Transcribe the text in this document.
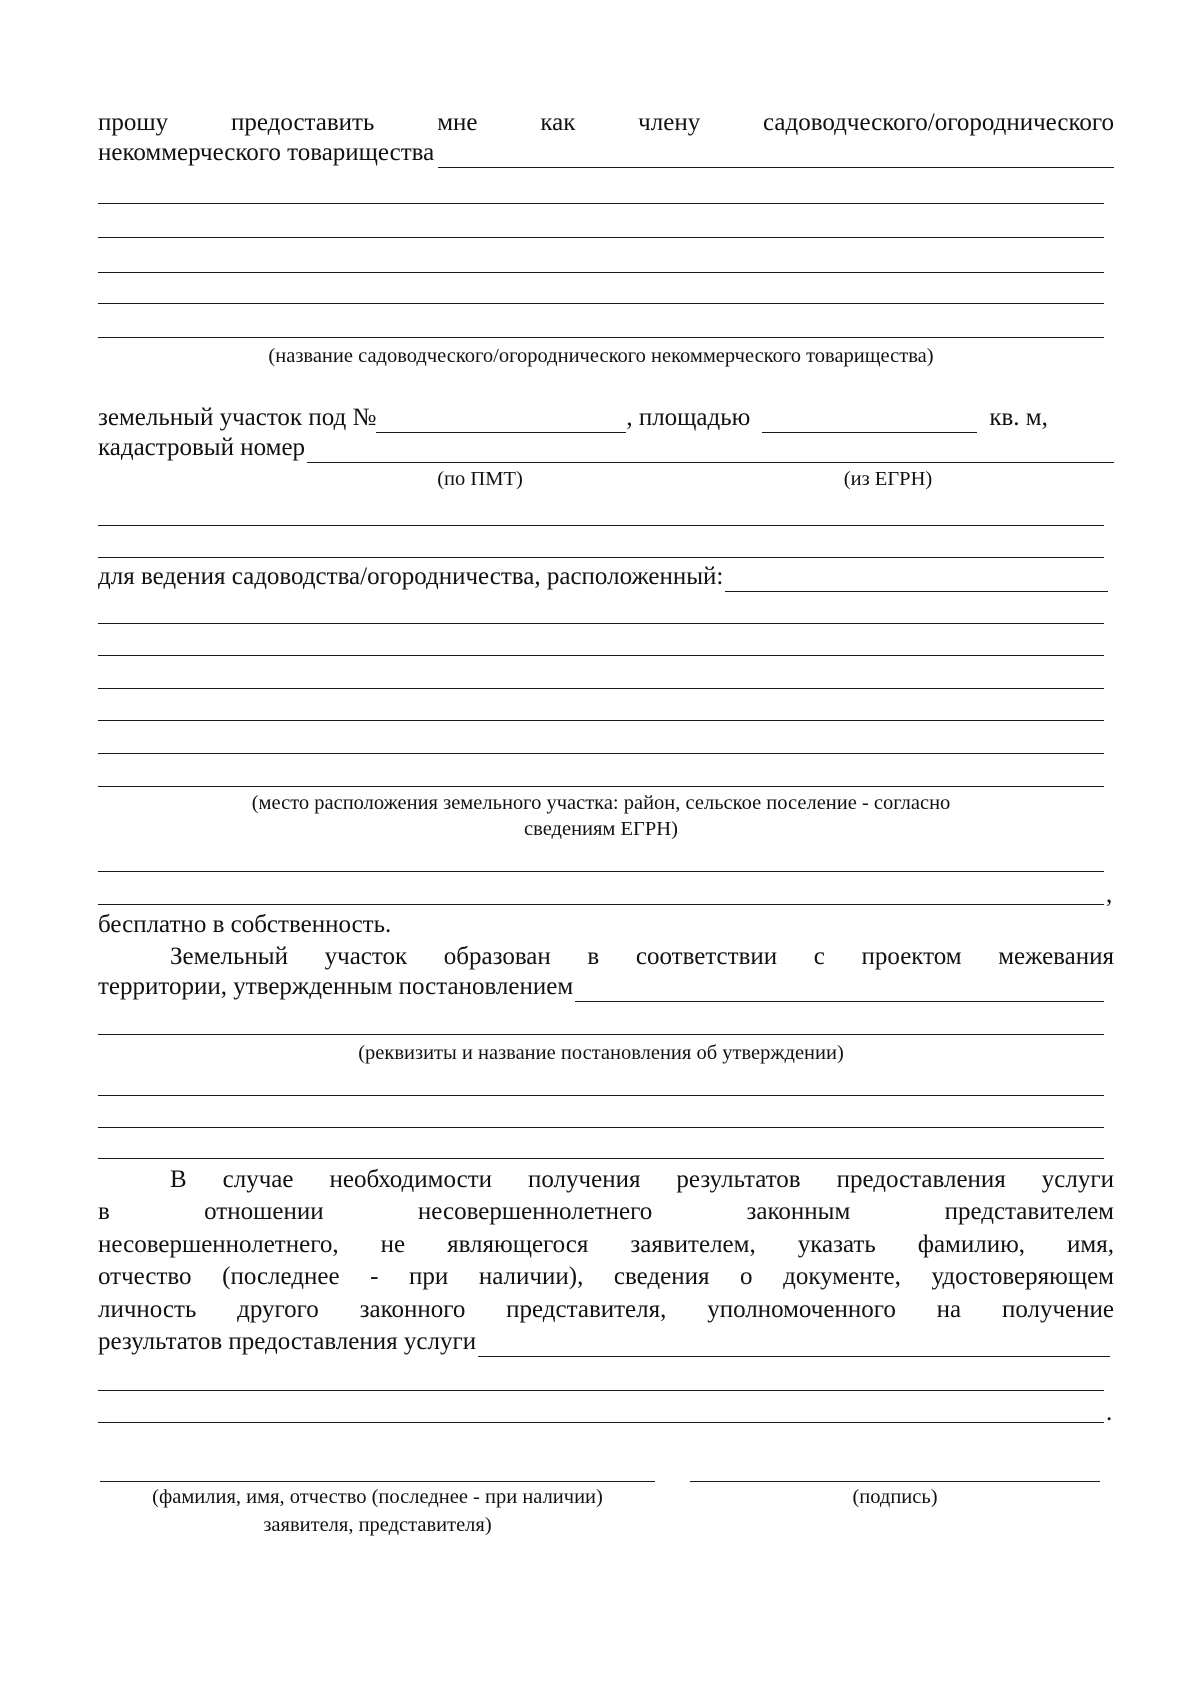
прошу предоставить мне как члену садоводческого/огороднического
некоммерческого товарищества
(название садоводческого/огороднического некоммерческого товарищества)
земельный участок под №	, площадью	кв. м,
кадастровый номер
(по ПМТ)	(из ЕГРН)
для ведения садоводства/огородничества, расположенный:
(место расположения земельного участка: район, сельское поселение - согласно
сведениям ЕГРН)
,
бесплатно в собственность.
Земельный участок образован в соответствии с проектом межевания
территории, утвержденным постановлением
(реквизиты и название постановления об утверждении)
В случае необходимости получения результатов предоставления услуги
в отношении несовершеннолетнего законным представителем
несовершеннолетнего, не являющегося заявителем, указать фамилию, имя,
отчество (последнее - при наличии), сведения о документе, удостоверяющем
личность другого законного представителя, уполномоченного на получение
результатов предоставления услуги
.
(фамилия, имя, отчество (последнее - при наличии)
заявителя, представителя)
(подпись)
